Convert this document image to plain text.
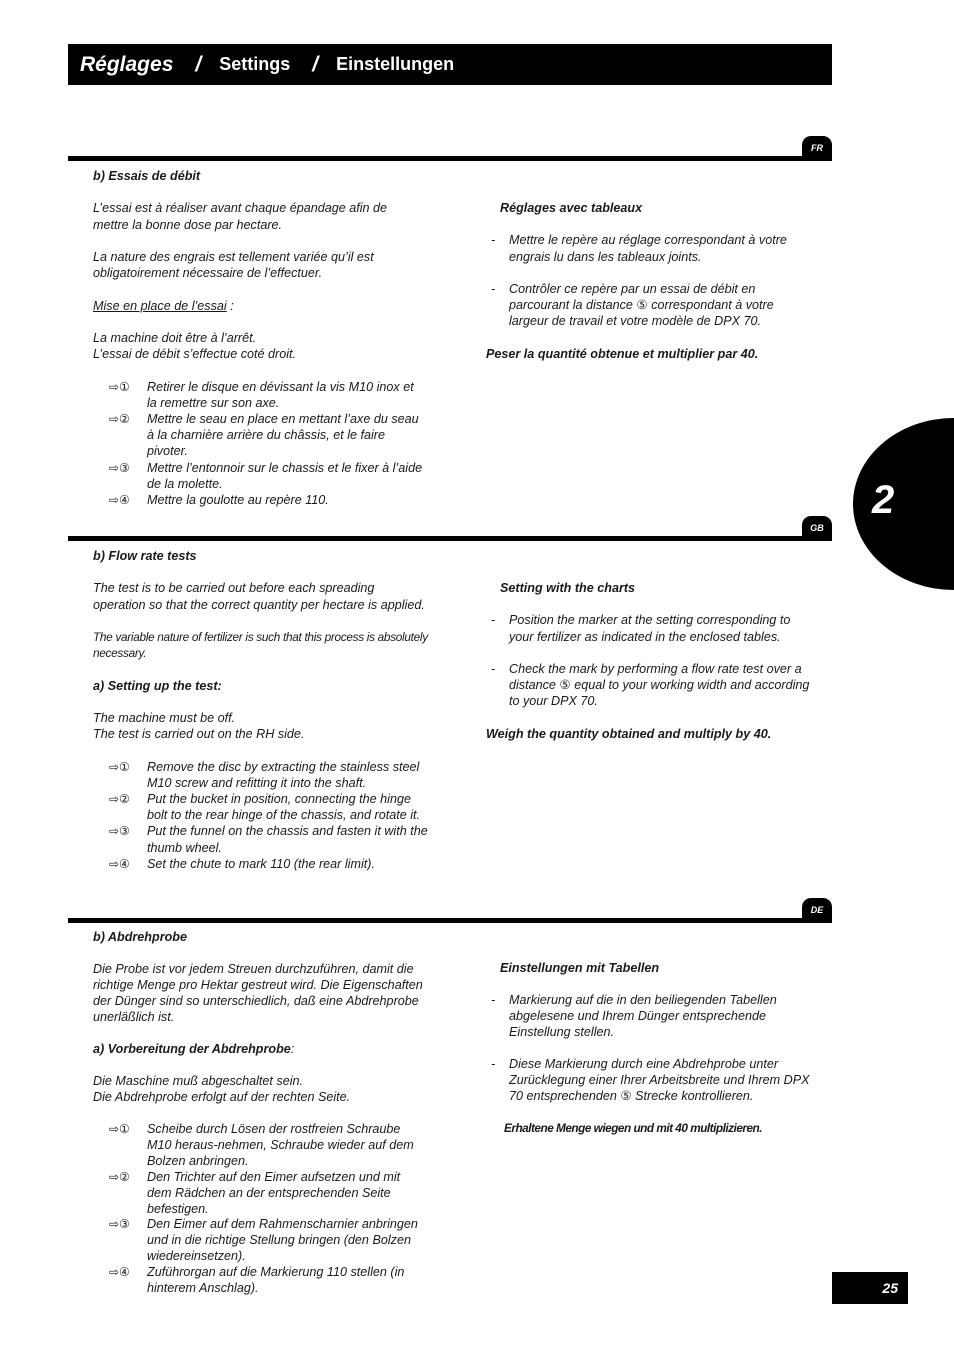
Réglages / Settings / Einstellungen
2
FR

b) Essais de débit

L’essai est à réaliser avant chaque épandage afin de mettre la bonne dose par hectare.

La nature des engrais est tellement variée qu’il est obligatoirement nécessaire de l’effectuer.

Mise en place de l’essai :

La machine doit être à l’arrêt.

L’essai de débit s’effectue coté droit.

⇨①	Retirer le disque en dévissant la vis M10 inox et la remettre sur son axe.
⇨②	Mettre le seau en place en mettant l’axe du seau à la charnière arrière du châssis, et le faire pivoter.
⇨③	Mettre l’entonnoir sur le chassis et le fixer à l’aide de la molette.
⇨④	Mettre la goulotte au repère 110.

Réglages avec tableaux

-	Mettre le repère au réglage correspondant à votre engrais lu dans les tableaux joints.
-	Contrôler ce repère par un essai de débit en parcourant la distance ⑤ correspondant à votre largeur de travail et votre modèle de DPX 70.

Peser la quantité obtenue et multiplier par 40.

GB

b) Flow rate tests

The test is to be carried out before each spreading operation so that the correct quantity per hectare is applied.

The variable nature of fertilizer is such that this process is absolutely necessary.

a) Setting up the test:

The machine must be off.

The test is carried out on the RH side.

⇨①	Remove the disc by extracting the stainless steel M10 screw and refitting it into the shaft.
⇨②	Put the bucket in position, connecting the hinge bolt to the rear hinge of the chassis, and rotate it.
⇨③	Put the funnel on the chassis and fasten it with the thumb wheel.
⇨④	Set the chute to mark 110 (the rear limit).

Setting with the charts

-	Position the marker at the setting corresponding to your fertilizer as indicated in the enclosed tables.
-	Check the mark by performing a flow rate test over a distance ⑤ equal to your working width and according to your DPX 70.

Weigh the quantity obtained and multiply by 40.

DE

b) Abdrehprobe

Die Probe ist vor jedem Streuen durchzuführen, damit die richtige Menge pro Hektar gestreut wird. Die Eigenschaften der Dünger sind so unterschiedlich, daß eine Abdrehprobe unerläßlich ist.

a) Vorbereitung der Abdrehprobe:

Die Maschine muß abgeschaltet sein.

Die Abdrehprobe erfolgt auf der rechten Seite.

⇨①	Scheibe durch Lösen der rostfreien Schraube M10 heraus-nehmen, Schraube wieder auf dem Bolzen anbringen.
⇨②	Den Trichter auf den Eimer aufsetzen und mit dem Rädchen an der entsprechenden Seite befestigen.
⇨③	Den Eimer auf dem Rahmenscharnier anbringen und in die richtige Stellung bringen (den Bolzen wiedereinsetzen).
⇨④	Zuführorgan auf die Markierung 110 stellen (in hinterem Anschlag).

Einstellungen mit Tabellen

-	Markierung auf die in den beiliegenden Tabellen abgelesene und Ihrem Dünger entsprechende Einstellung stellen.
-	Diese Markierung durch eine Abdrehprobe unter Zurücklegung einer Ihrer Arbeitsbreite und Ihrem DPX 70 entsprechenden ⑤ Strecke kontrollieren.

Erhaltene Menge wiegen und mit 40 multiplizieren.

25
